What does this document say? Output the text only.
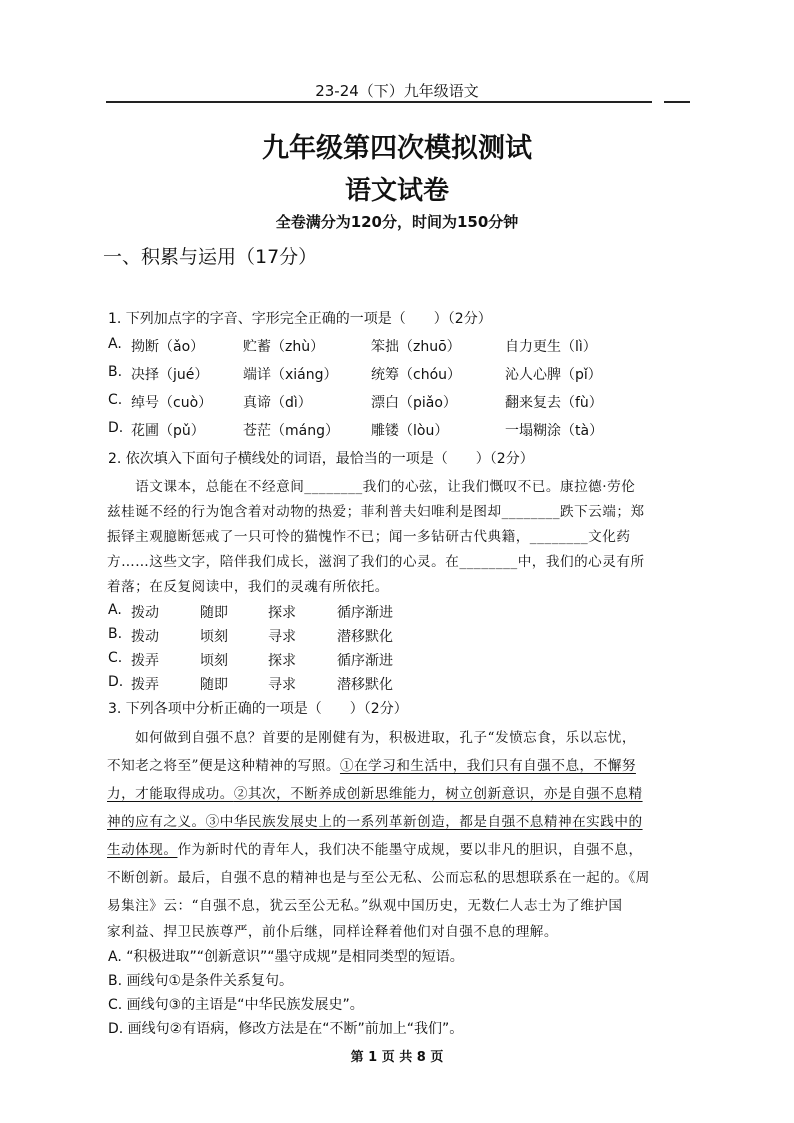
23-24（下）九年级语文
九年级第四次模拟测试
语文试卷
全卷满分为120分，时间为150分钟
一、积累与运用（17分）
1. 下列加点字的字音、字形完全正确的一项是（　　）（2分）
A. 拗断（ǎo）	贮蓄（zhù）	笨拙（zhuō）	自力更生（lì）
B. 决择（jué） 端详（xiáng） 统筹（chóu）	沁人心脾（pǐ）
C. 绰号（cuò） 真谛（dì）	漂白（piǎo）	翻来复去（fù）
D. 花圃（pǔ）	苍茫（máng） 雕镂（lòu）	一塌糊涂（tà）
2. 依次填入下面句子横线处的词语，最恰当的一项是（　　）（2分）
　　语文课本，总能在不经意间________我们的心弦，让我们慨叹不已。康拉德·劳伦
兹桂诞不经的行为饱含着对动物的热爱；菲利普夫妇唯利是图却________跌下云端；郑
振铎主观臆断惩戒了一只可怜的猫愧怍不已；闻一多钻研古代典籍，________文化药
方……这些文字，陪伴我们成长，滋润了我们的心灵。在________中，我们的心灵有所
着落；在反复阅读中，我们的灵魂有所依托。
A. 拨动	随即	探求	循序渐进
B. 拨动	顷刻	寻求	潜移默化
C. 拨弄	顷刻	探求	循序渐进
D. 拨弄	随即	寻求	潜移默化
3. 下列各项中分析正确的一项是（　　）（2分）
　　如何做到自强不息？首要的是刚健有为，积极进取，孔子“发愤忘食，乐以忘忧，
不知老之将至”便是这种精神的写照。①在学习和生活中，我们只有自强不息，不懈努
力，才能取得成功。②其次，不断养成创新思维能力，树立创新意识，亦是自强不息精
神的应有之义。③中华民族发展史上的一系列革新创造，都是自强不息精神在实践中的
生动体现。作为新时代的青年人，我们决不能墨守成规，要以非凡的胆识，自强不息，
不断创新。最后，自强不息的精神也是与至公无私、公而忘私的思想联系在一起的。《周
易集注》云：“自强不息，犹云至公无私。”纵观中国历史，无数仁人志士为了维护国
家利益、捍卫民族尊严，前仆后继，同样诠释着他们对自强不息的理解。
A. “积极进取”“创新意识”“墨守成规”是相同类型的短语。
B. 画线句①是条件关系复句。
C. 画线句③的主语是“中华民族发展史”。
D. 画线句②有语病，修改方法是在“不断”前加上“我们”。
第 1 页 共 8 页
